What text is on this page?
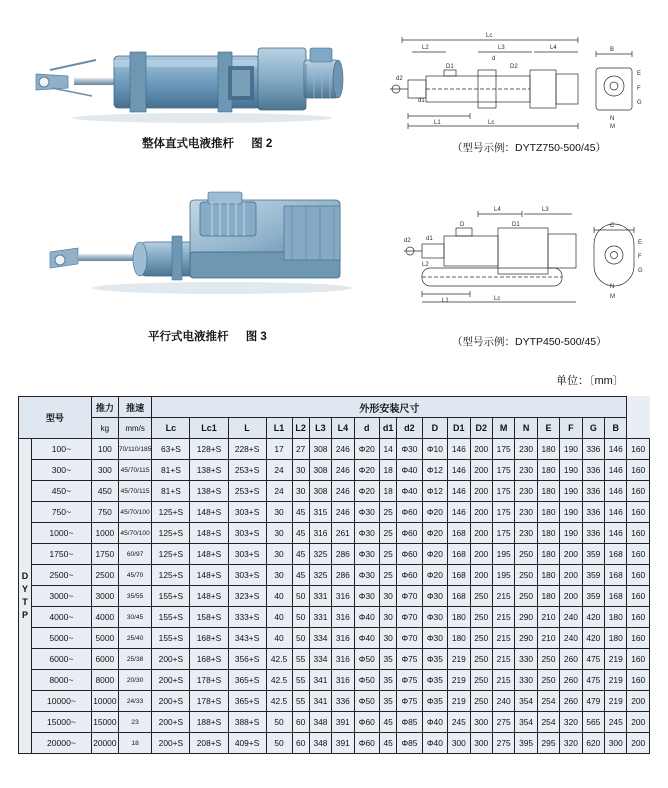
整体直式电液推杆 图 2
Lc
L2	L3	L4
d
B
E
F
G
N
M
d2
d1
D1	D2
L1	Lc
（型号示例：DYTZ750-500/45）
平行式电液推杆 图 3
L4	L3
d2	d1
D	D1
L1	Lc
L2
C
E
F
G
N
M
（型号示例：DYTP450-500/45）
单位：〔mm〕
型号		推力	推速	外形安装尺寸																			
		kg	mm/s	Lc	Lc1	L	L1	L2	L3	L4	d	d1	d2	D	D1	D2	M	N	E	F	G	B	
D
Y
T
P	100~	100	70/110/185	63+S	128+S	228+S	17	27	308	246	Φ20	14	Φ30	Φ10	146	200	175	230	180	190	336	146	160
	300~	300	45/70/115	81+S	138+S	253+S	24	30	308	246	Φ20	18	Φ40	Φ12	146	200	175	230	180	190	336	146	160
	450~	450	45/70/115	81+S	138+S	253+S	24	30	308	246	Φ20	18	Φ40	Φ12	146	200	175	230	180	190	336	146	160
	750~	750	45/70/100	125+S	148+S	303+S	30	45	315	246	Φ30	25	Φ60	Φ20	146	200	175	230	180	190	336	146	160
	1000~	1000	45/70/100	125+S	148+S	303+S	30	45	316	261	Φ30	25	Φ60	Φ20	168	200	175	230	180	190	336	146	160
	1750~	1750	60/97	125+S	148+S	303+S	30	45	325	286	Φ30	25	Φ60	Φ20	168	200	195	250	180	200	359	168	160
	2500~	2500	45/70	125+S	148+S	303+S	30	45	325	286	Φ30	25	Φ60	Φ20	168	200	195	250	180	200	359	168	160
	3000~	3000	35/55	155+S	148+S	323+S	40	50	331	316	Φ30	30	Φ70	Φ30	168	250	215	250	180	200	359	168	160
	4000~	4000	30/45	155+S	158+S	333+S	40	50	331	316	Φ40	30	Φ70	Φ30	180	250	215	290	210	240	420	180	160
	5000~	5000	25/40	155+S	168+S	343+S	40	50	334	316	Φ40	30	Φ70	Φ30	180	250	215	290	210	240	420	180	160
	6000~	6000	25/38	200+S	168+S	356+S	42.5	55	334	316	Φ50	35	Φ75	Φ35	219	250	215	330	250	260	475	219	160
	8000~	8000	20/30	200+S	178+S	365+S	42.5	55	341	316	Φ50	35	Φ75	Φ35	219	250	215	330	250	260	475	219	160
	10000~	10000	24/33	200+S	178+S	365+S	42.5	55	341	336	Φ50	35	Φ75	Φ35	219	250	240	354	254	260	479	219	200
	15000~	15000	23	200+S	188+S	388+S	50	60	348	391	Φ60	45	Φ85	Φ40	245	300	275	354	254	320	565	245	200
	20000~	20000	18	200+S	208+S	409+S	50	60	348	391	Φ60	45	Φ85	Φ40	300	300	275	395	295	320	620	300	200
